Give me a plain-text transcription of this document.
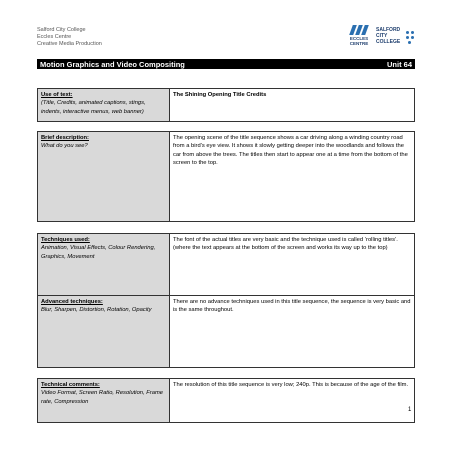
Salford City College
Eccles Centre
Creative Media Production
ECCLES CENTRE
SALFORD
CITY
COLLEGE
Motion Graphics and Video Compositing	Unit 64
Use of text:
(Title, Credits, animated captions, stings, indents, interactive menus, web banner)
	The Shining Opening Title Credits
Brief description:
What do you see?
	The opening scene of the title sequence shows a car driving along a winding country road from a bird’s eye view. It shows it slowly getting deeper into the woodlands and follows the car from above the trees. The titles then start to appear one at a time from the bottom of the screen to the top.
Techniques used:
Animation, Visual Effects, Colour Rendering, Graphics, Movement	The font of the actual titles are very basic and the technique used is called ‘rolling titles’.(where the text appears at the bottom of the screen and works its way up to the top)

Advanced techniques:
Blur, Sharpen, Distortion, Rotation, Opacity	There are no advance techniques used in this title sequence, the sequence is very basic and is the same throughout.
Technical comments:
Video Format, Screen Ratio, Resolution, Frame rate, Compression
	The resolution of this title sequence is very low; 240p. This is because of the age of the film.
1
